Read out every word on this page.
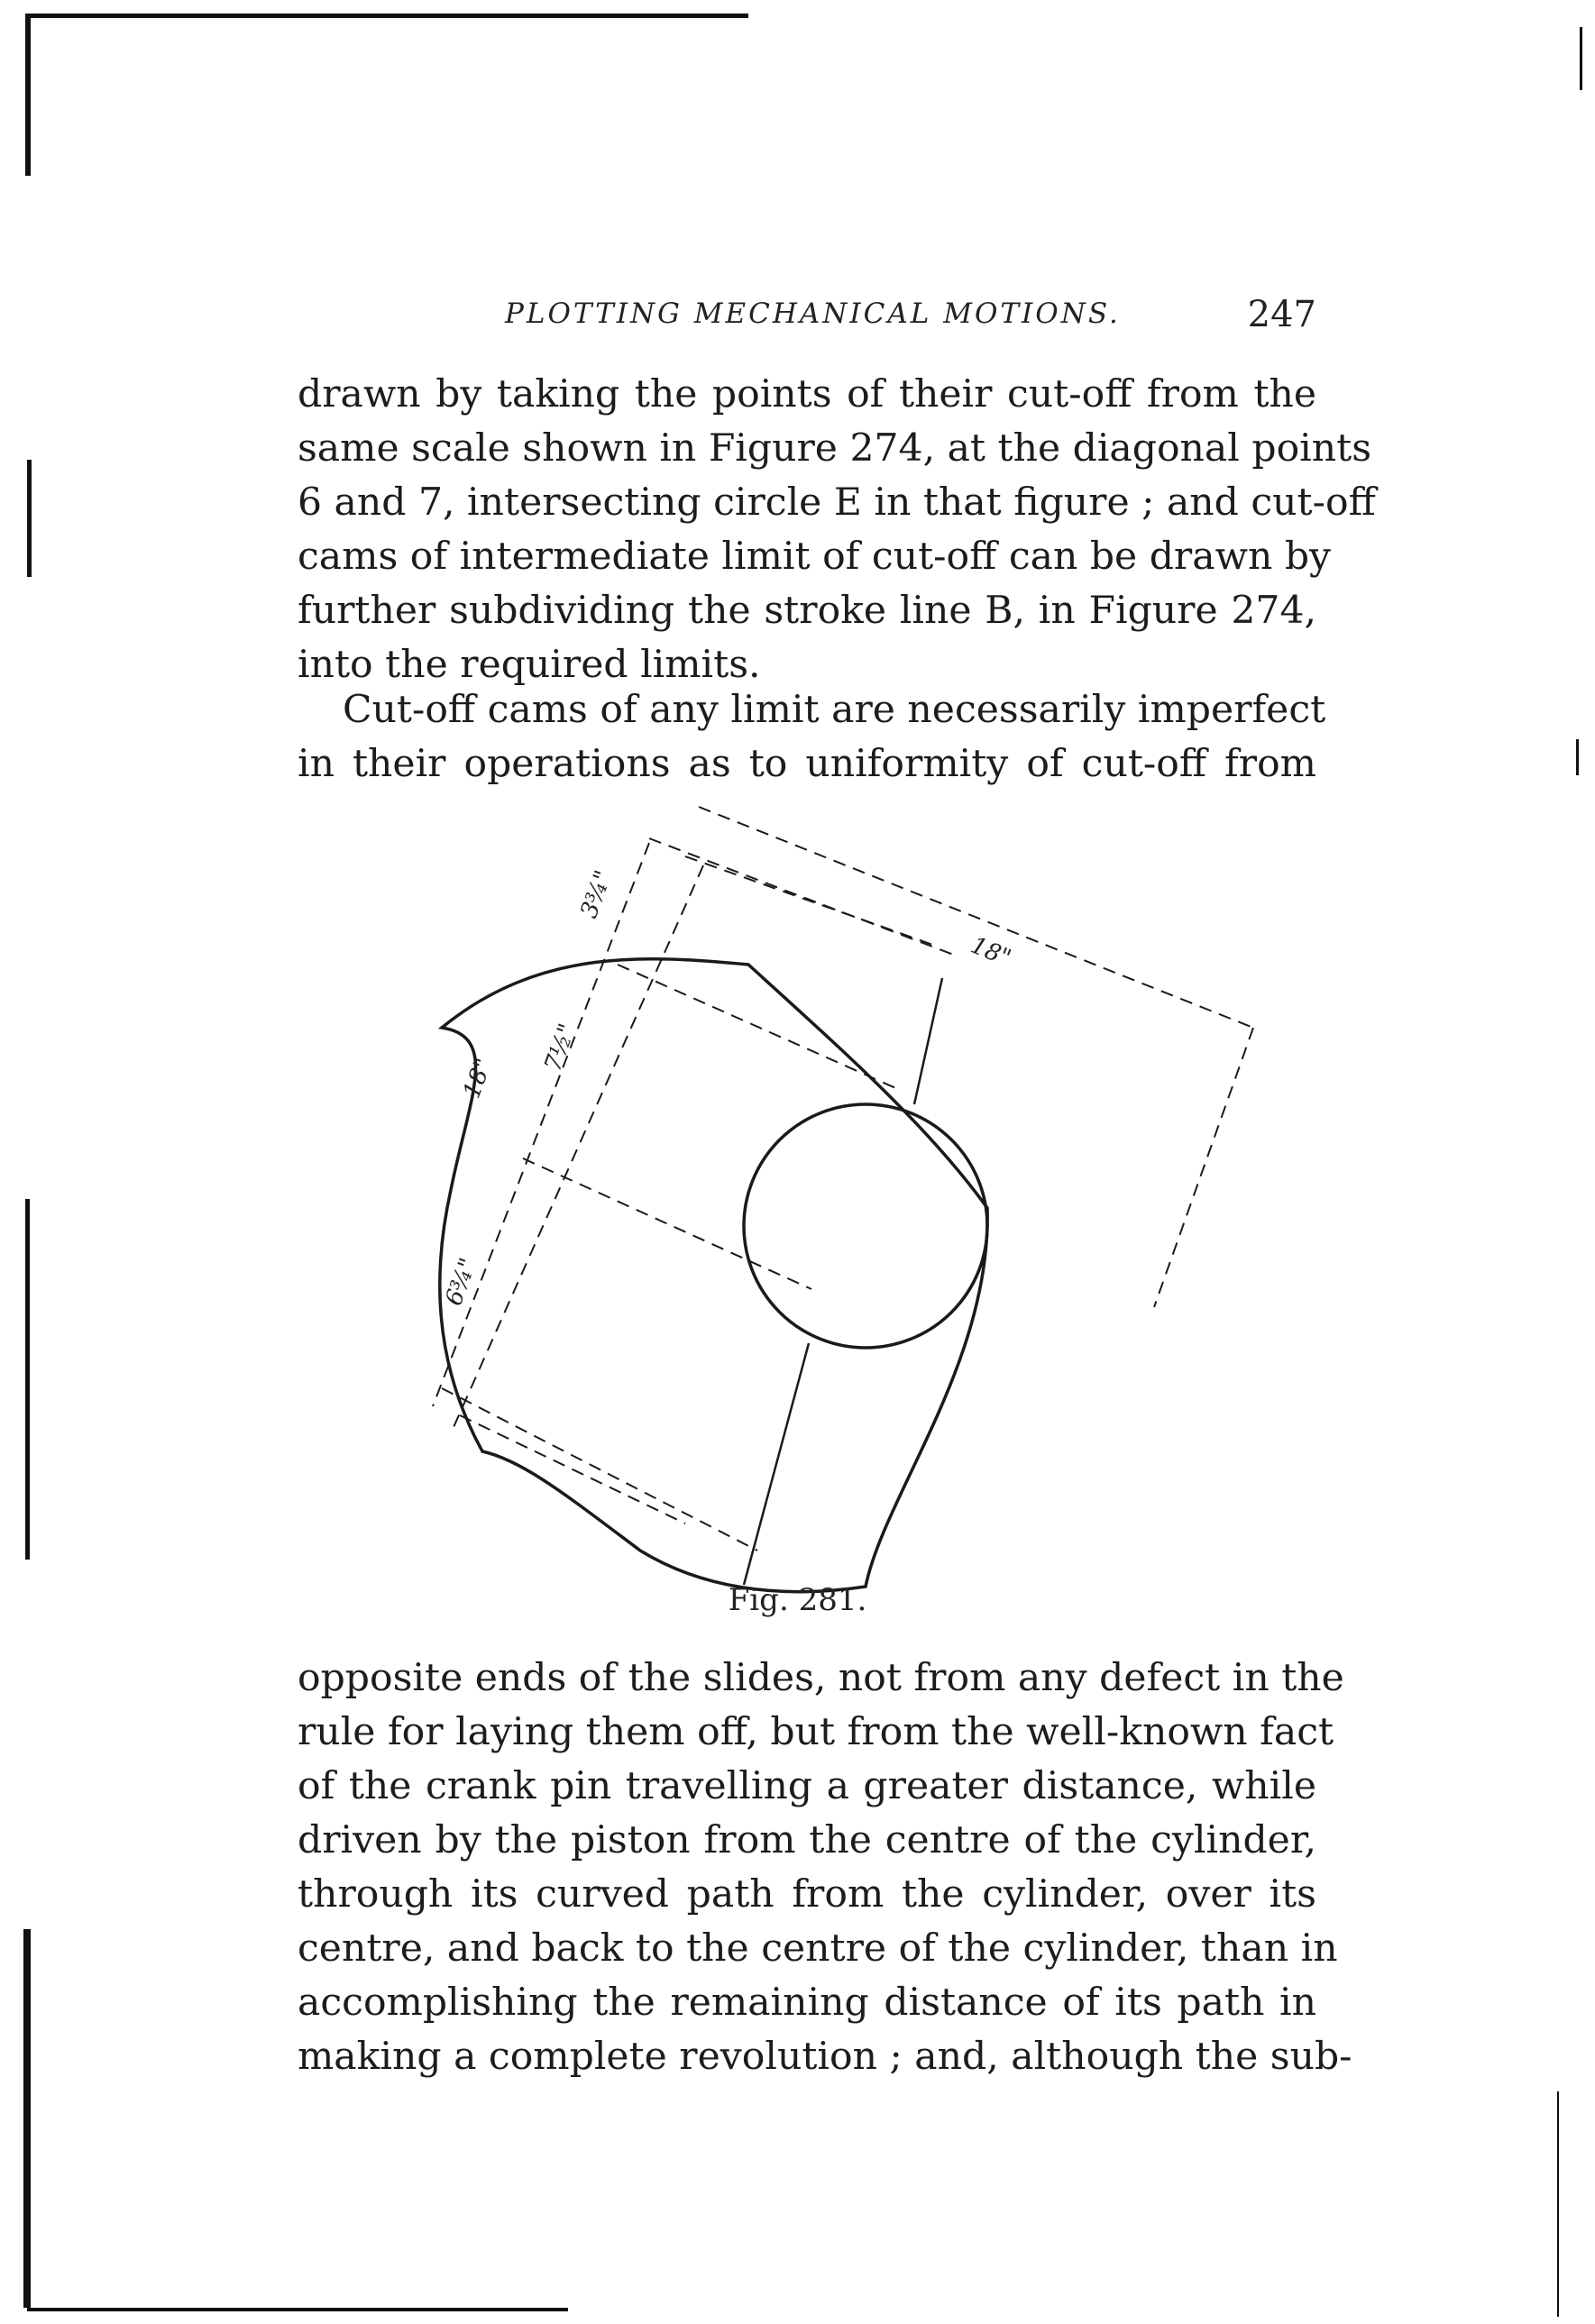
PLOTTING MECHANICAL MOTIONS.	247
drawn by taking the points of their cut-off from the
same scale shown in Figure 274, at the diagonal points
6 and 7, intersecting circle E in that figure ; and cut-off
cams of intermediate limit of cut-off can be drawn by
further subdividing the stroke line B, in Figure 274,
into the required limits.
Cut-off cams of any limit are necessarily imperfect
in their operations as to uniformity of cut-off from
18"
18"
3¾"
7½"
6¾"
Fig. 281.
opposite ends of the slides, not from any defect in the
rule for laying them off, but from the well-known fact
of the crank pin travelling a greater distance, while
driven by the piston from the centre of the cylinder,
through its curved path from the cylinder, over its
centre, and back to the centre of the cylinder, than in
accomplishing the remaining distance of its path in
making a complete revolution ; and, although the sub-
